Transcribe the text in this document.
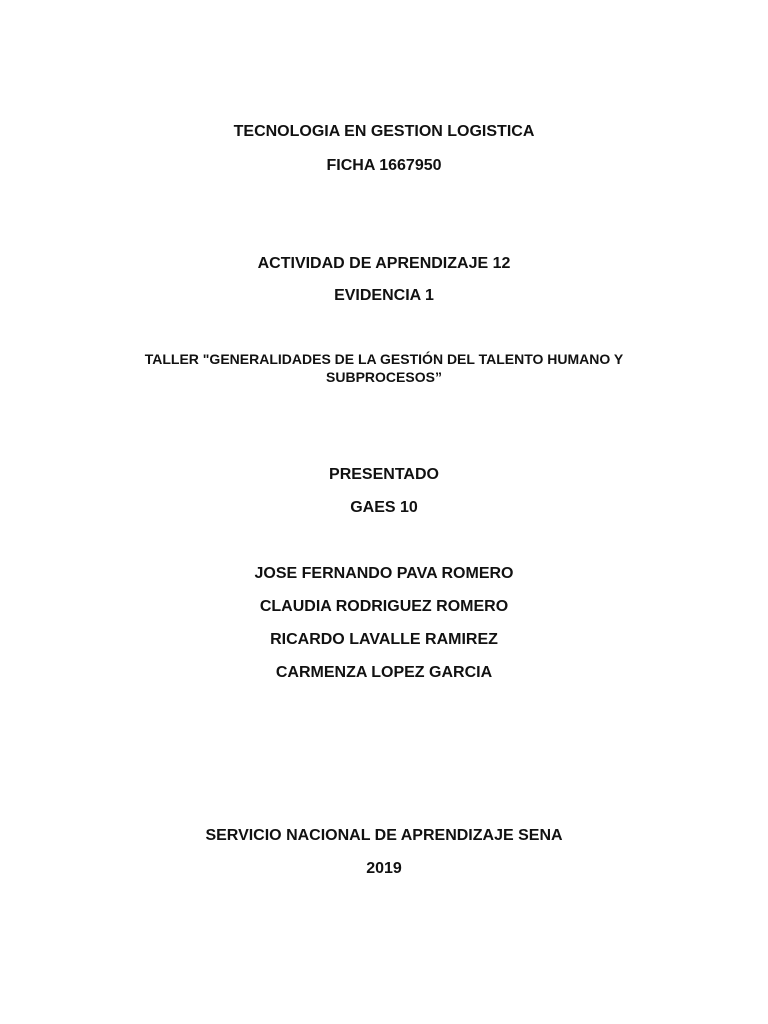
TECNOLOGIA EN GESTION LOGISTICA
FICHA 1667950
ACTIVIDAD DE APRENDIZAJE 12
EVIDENCIA 1
TALLER "GENERALIDADES DE LA GESTIÓN DEL TALENTO HUMANO Y
SUBPROCESOS”
PRESENTADO
GAES 10
JOSE FERNANDO PAVA ROMERO
CLAUDIA RODRIGUEZ ROMERO
RICARDO LAVALLE RAMIREZ
CARMENZA LOPEZ GARCIA
SERVICIO NACIONAL DE APRENDIZAJE SENA
2019
